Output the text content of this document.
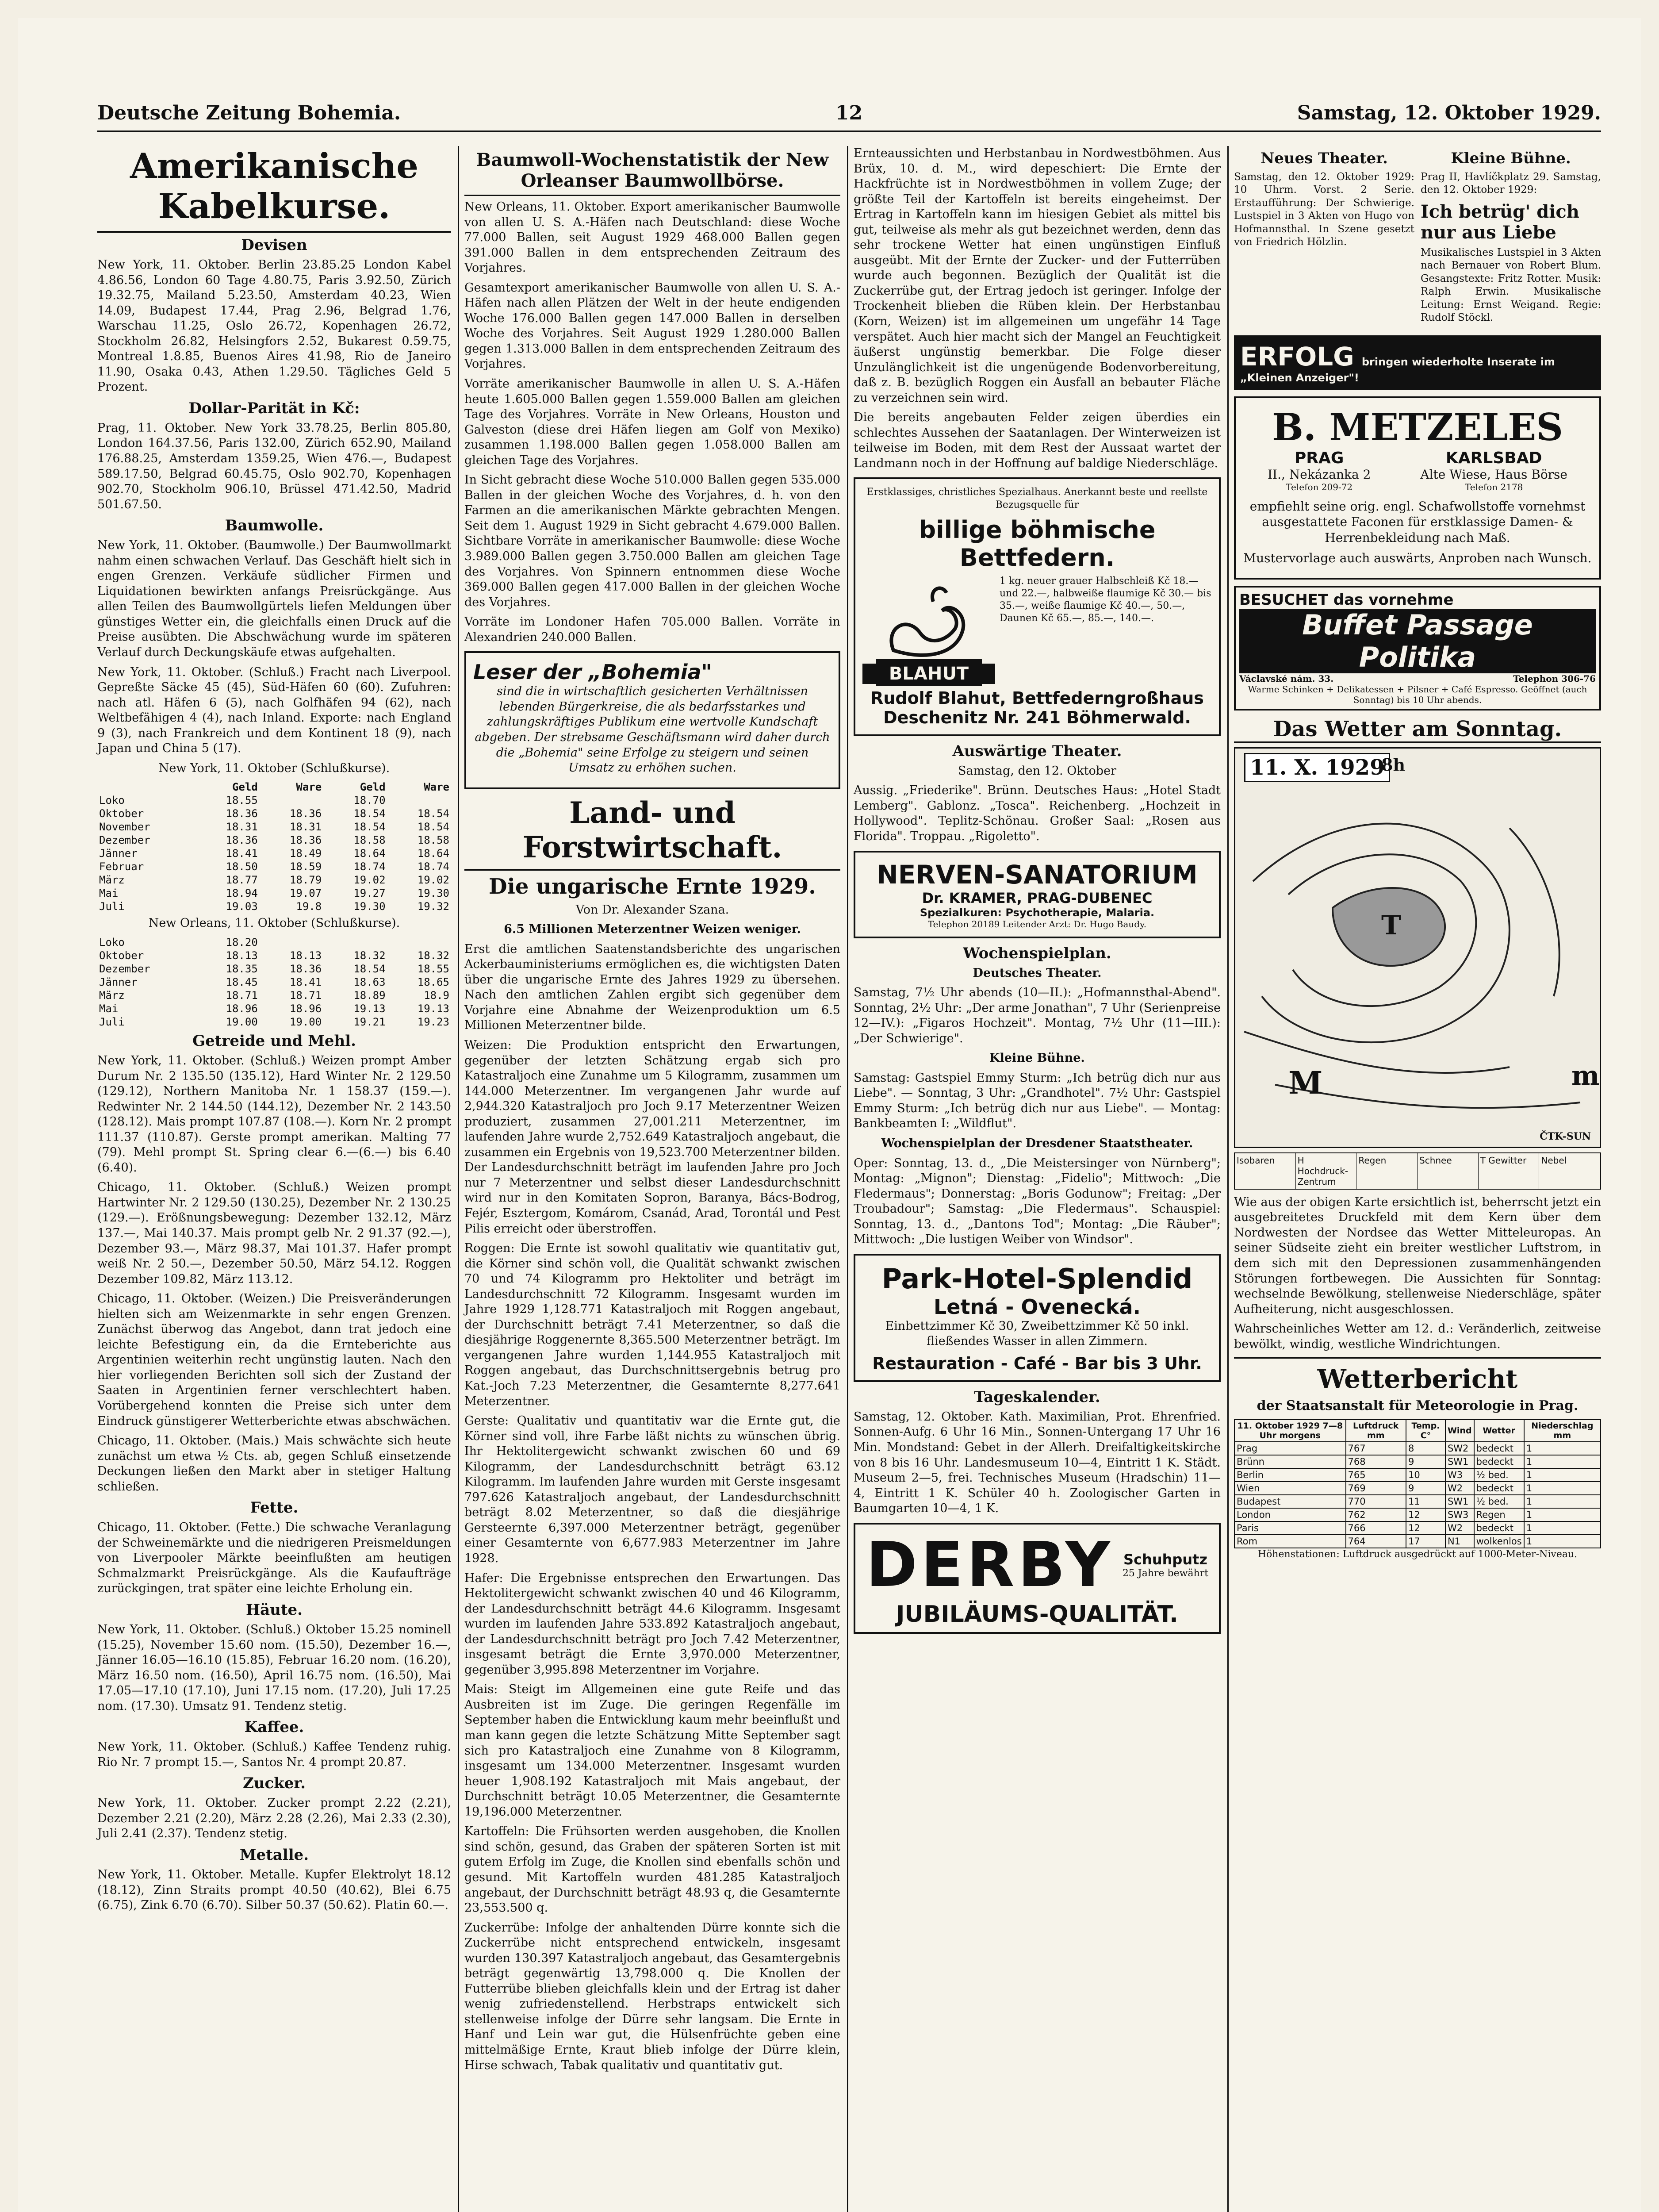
Deutsche Zeitung Bohemia.	12	Samstag, 12. Oktober 1929.
Amerikanische Kabelkurse.
Devisen

New York, 11. Oktober. Berlin 23.85.25 London Kabel 4.86.56, London 60 Tage 4.80.75, Paris 3.92.50, Zürich 19.32.75, Mailand 5.23.50, Amsterdam 40.23, Wien 14.09, Budapest 17.44, Prag 2.96, Belgrad 1.76, Warschau 11.25, Oslo 26.72, Kopenhagen 26.72, Stockholm 26.82, Helsingfors 2.52, Bukarest 0.59.75, Montreal 1.8.85, Buenos Aires 41.98, Rio de Janeiro 11.90, Osaka 0.43, Athen 1.29.50. Tägliches Geld 5 Prozent.

Dollar-Parität in Kč:

Prag, 11. Oktober. New York 33.78.25, Berlin 805.80, London 164.37.56, Paris 132.00, Zürich 652.90, Mailand 176.88.25, Amsterdam 1359.25, Wien 476.—, Budapest 589.17.50, Belgrad 60.45.75, Oslo 902.70, Kopenhagen 902.70, Stockholm 906.10, Brüssel 471.42.50, Madrid 501.67.50.

Baumwolle.

New York, 11. Oktober. (Baumwolle.) Der Baumwollmarkt nahm einen schwachen Verlauf. Das Geschäft hielt sich in engen Grenzen. Verkäufe südlicher Firmen und Liquidationen bewirkten anfangs Preisrückgänge. Aus allen Teilen des Baumwollgürtels liefen Meldungen über günstiges Wetter ein, die gleichfalls einen Druck auf die Preise ausübten. Die Abschwächung wurde im späteren Verlauf durch Deckungskäufe etwas aufgehalten.

New York, 11. Oktober. (Schluß.) Fracht nach Liverpool. Gepreßte Säcke 45 (45), Süd-Häfen 60 (60). Zufuhren: nach atl. Häfen 6 (5), nach Golfhäfen 94 (62), nach Weltbefähigen 4 (4), nach Inland. Exporte: nach England 9 (3), nach Frankreich und dem Kontinent 18 (9), nach Japan und China 5 (17).

New York, 11. Oktober (Schlußkurse).

	Geld	Ware	Geld	Ware
Loko	18.55		18.70	
Oktober	18.36	18.36	18.54	18.54
November	18.31	18.31	18.54	18.54
Dezember	18.36	18.36	18.58	18.58
Jänner	18.41	18.49	18.64	18.64
Februar	18.50	18.59	18.74	18.74
März	18.77	18.79	19.02	19.02
Mai	18.94	19.07	19.27	19.30
Juli	19.03	19.8	19.30	19.32

New Orleans, 11. Oktober (Schlußkurse).

Loko	18.20			
Oktober	18.13	18.13	18.32	18.32
Dezember	18.35	18.36	18.54	18.55
Jänner	18.45	18.41	18.63	18.65
März	18.71	18.71	18.89	18.9
Mai	18.96	18.96	19.13	19.13
Juli	19.00	19.00	19.21	19.23
Getreide und Mehl.

New York, 11. Oktober. (Schluß.) Weizen prompt Amber Durum Nr. 2 135.50 (135.12), Hard Winter Nr. 2 129.50 (129.12), Northern Manitoba Nr. 1 158.37 (159.—). Redwinter Nr. 2 144.50 (144.12), Dezember Nr. 2 143.50 (128.12). Mais prompt 107.87 (108.—). Korn Nr. 2 prompt 111.37 (110.87). Gerste prompt amerikan. Malting 77 (79). Mehl prompt St. Spring clear 6.—(6.—) bis 6.40 (6.40).

Chicago, 11. Oktober. (Schluß.) Weizen prompt Hartwinter Nr. 2 129.50 (130.25), Dezember Nr. 2 130.25 (129.—). Erößnungsbewegung: Dezember 132.12, März 137.—, Mai 140.37. Mais prompt gelb Nr. 2 91.37 (92.—), Dezember 93.—, März 98.37, Mai 101.37. Hafer prompt weiß Nr. 2 50.—, Dezember 50.50, März 54.12. Roggen Dezember 109.82, März 113.12.

Chicago, 11. Oktober. (Weizen.) Die Preisveränderungen hielten sich am Weizenmarkte in sehr engen Grenzen. Zunächst überwog das Angebot, dann trat jedoch eine leichte Befestigung ein, da die Ernteberichte aus Argentinien weiterhin recht ungünstig lauten. Nach den hier vorliegenden Berichten soll sich der Zustand der Saaten in Argentinien ferner verschlechtert haben. Vorübergehend konnten die Preise sich unter dem Eindruck günstigerer Wetterberichte etwas abschwächen.

Chicago, 11. Oktober. (Mais.) Mais schwächte sich heute zunächst um etwa ½ Cts. ab, gegen Schluß einsetzende Deckungen ließen den Markt aber in stetiger Haltung schließen.

Fette.

Chicago, 11. Oktober. (Fette.) Die schwache Veranlagung der Schweinemärkte und die niedrigeren Preismeldungen von Liverpooler Märkte beeinflußten am heutigen Schmalzmarkt Preisrückgänge. Als die Kaufaufträge zurückgingen, trat später eine leichte Erholung ein.

Häute.

New York, 11. Oktober. (Schluß.) Oktober 15.25 nominell (15.25), November 15.60 nom. (15.50), Dezember 16.—, Jänner 16.05—16.10 (15.85), Februar 16.20 nom. (16.20), März 16.50 nom. (16.50), April 16.75 nom. (16.50), Mai 17.05—17.10 (17.10), Juni 17.15 nom. (17.20), Juli 17.25 nom. (17.30). Umsatz 91. Tendenz stetig.

Kaffee.

New York, 11. Oktober. (Schluß.) Kaffee Tendenz ruhig. Rio Nr. 7 prompt 15.—, Santos Nr. 4 prompt 20.87.

Zucker.

New York, 11. Oktober. Zucker prompt 2.22 (2.21), Dezember 2.21 (2.20), März 2.28 (2.26), Mai 2.33 (2.30), Juli 2.41 (2.37). Tendenz stetig.

Metalle.

New York, 11. Oktober. Metalle. Kupfer Elektrolyt 18.12 (18.12), Zinn Straits prompt 40.50 (40.62), Blei 6.75 (6.75), Zink 6.70 (6.70). Silber 50.37 (50.62). Platin 60.—.

Baumwoll-Wochenstatistik der New Orleanser Baumwollbörse.

New Orleans, 11. Oktober. Export amerikanischer Baumwolle von allen U. S. A.-Häfen nach Deutschland: diese Woche 77.000 Ballen, seit August 1929 468.000 Ballen gegen 391.000 Ballen in dem entsprechenden Zeitraum des Vorjahres.

Gesamtexport amerikanischer Baumwolle von allen U. S. A.-Häfen nach allen Plätzen der Welt in der heute endigenden Woche 176.000 Ballen gegen 147.000 Ballen in derselben Woche des Vorjahres. Seit August 1929 1.280.000 Ballen gegen 1.313.000 Ballen in dem entsprechenden Zeitraum des Vorjahres.

Vorräte amerikanischer Baumwolle in allen U. S. A.-Häfen heute 1.605.000 Ballen gegen 1.559.000 Ballen am gleichen Tage des Vorjahres. Vorräte in New Orleans, Houston und Galveston (diese drei Häfen liegen am Golf von Mexiko) zusammen 1.198.000 Ballen gegen 1.058.000 Ballen am gleichen Tage des Vorjahres.

In Sicht gebracht diese Woche 510.000 Ballen gegen 535.000 Ballen in der gleichen Woche des Vorjahres, d. h. von den Farmen an die amerikanischen Märkte gebrachten Mengen. Seit dem 1. August 1929 in Sicht gebracht 4.679.000 Ballen. Sichtbare Vorräte in amerikanischer Baumwolle: diese Woche 3.989.000 Ballen gegen 3.750.000 Ballen am gleichen Tage des Vorjahres. Von Spinnern entnommen diese Woche 369.000 Ballen gegen 417.000 Ballen in der gleichen Woche des Vorjahres.

Vorräte im Londoner Hafen 705.000 Ballen. Vorräte in Alexandrien 240.000 Ballen.

Leser der „Bohemia"
sind die in wirtschaftlich gesicherten Verhältnissen lebenden Bürgerkreise, die als bedarfsstarkes und zahlungskräftiges Publikum eine wertvolle Kundschaft abgeben. Der strebsame Geschäftsmann wird daher durch die „Bohemia" seine Erfolge zu steigern und seinen Umsatz zu erhöhen suchen.
Land- und Forstwirtschaft.
Die ungarische Ernte 1929.

Von Dr. Alexander Szana.

6.5 Millionen Meterzentner Weizen weniger.

Erst die amtlichen Saatenstandsberichte des ungarischen Ackerbauministeriums ermöglichen es, die wichtigsten Daten über die ungarische Ernte des Jahres 1929 zu übersehen. Nach den amtlichen Zahlen ergibt sich gegenüber dem Vorjahre eine Abnahme der Weizenproduktion um 6.5 Millionen Meterzentner bilde.

Weizen: Die Produktion entspricht den Erwartungen, gegenüber der letzten Schätzung ergab sich pro Katastraljoch eine Zunahme um 5 Kilogramm, zusammen um 144.000 Meterzentner. Im vergangenen Jahr wurde auf 2,944.320 Katastraljoch pro Joch 9.17 Meterzentner Weizen produziert, zusammen 27,001.211 Meterzentner, im laufenden Jahre wurde 2,752.649 Katastraljoch angebaut, die zusammen ein Ergebnis von 19,523.700 Meterzentner bilden. Der Landesdurchschnitt beträgt im laufenden Jahre pro Joch nur 7 Meterzentner und selbst dieser Landesdurchschnitt wird nur in den Komitaten Sopron, Baranya, Bács-Bodrog, Fejér, Esztergom, Komárom, Csanád, Arad, Torontál und Pest Pilis erreicht oder überstroffen.

Roggen: Die Ernte ist sowohl qualitativ wie quantitativ gut, die Körner sind schön voll, die Qualität schwankt zwischen 70 und 74 Kilogramm pro Hektoliter und beträgt im Landesdurchschnitt 72 Kilogramm. Insgesamt wurden im Jahre 1929 1,128.771 Katastraljoch mit Roggen angebaut, der Durchschnitt beträgt 7.41 Meterzentner, so daß die diesjährige Roggenernte 8,365.500 Meterzentner beträgt. Im vergangenen Jahre wurden 1,144.955 Katastraljoch mit Roggen angebaut, das Durchschnittsergebnis betrug pro Kat.-Joch 7.23 Meterzentner, die Gesamternte 8,277.641 Meterzentner.

Gerste: Qualitativ und quantitativ war die Ernte gut, die Körner sind voll, ihre Farbe läßt nichts zu wünschen übrig. Ihr Hektolitergewicht schwankt zwischen 60 und 69 Kilogramm, der Landesdurchschnitt beträgt 63.12 Kilogramm. Im laufenden Jahre wurden mit Gerste insgesamt 797.626 Katastraljoch angebaut, der Landesdurchschnitt beträgt 8.02 Meterzentner, so daß die diesjährige Gersteernte 6,397.000 Meterzentner beträgt, gegenüber einer Gesamternte von 6,677.983 Meterzentner im Jahre 1928.

Hafer: Die Ergebnisse entsprechen den Erwartungen. Das Hektolitergewicht schwankt zwischen 40 und 46 Kilogramm, der Landesdurchschnitt beträgt 44.6 Kilogramm. Insgesamt wurden im laufenden Jahre 533.892 Katastraljoch angebaut, der Landesdurchschnitt beträgt pro Joch 7.42 Meterzentner, insgesamt beträgt die Ernte 3,970.000 Meterzentner, gegenüber 3,995.898 Meterzentner im Vorjahre.

Mais: Steigt im Allgemeinen eine gute Reife und das Ausbreiten ist im Zuge. Die geringen Regenfälle im September haben die Entwicklung kaum mehr beeinflußt und man kann gegen die letzte Schätzung Mitte September sagt sich pro Katastraljoch eine Zunahme von 8 Kilogramm, insgesamt um 134.000 Meterzentner. Insgesamt wurden heuer 1,908.192 Katastraljoch mit Mais angebaut, der Durchschnitt beträgt 10.05 Meterzentner, die Gesamternte 19,196.000 Meterzentner.

Kartoffeln: Die Frühsorten werden ausgehoben, die Knollen sind schön, gesund, das Graben der späteren Sorten ist mit gutem Erfolg im Zuge, die Knollen sind ebenfalls schön und gesund. Mit Kartoffeln wurden 481.285 Katastraljoch angebaut, der Durchschnitt beträgt 48.93 q, die Gesamternte 23,553.500 q.

Zuckerrübe: Infolge der anhaltenden Dürre konnte sich die Zuckerrübe nicht entsprechend entwickeln, insgesamt wurden 130.397 Katastraljoch angebaut, das Gesamtergebnis beträgt gegenwärtig 13,798.000 q. Die Knollen der Futterrübe blieben gleichfalls klein und der Ertrag ist daher wenig zufriedenstellend. Herbstraps entwickelt sich stellenweise infolge der Dürre sehr langsam. Die Ernte in Hanf und Lein war gut, die Hülsenfrüchte geben eine mittelmäßige Ernte, Kraut blieb infolge der Dürre klein, Hirse schwach, Tabak qualitativ und quantitativ gut.

Ernteaussichten und Herbstanbau in Nordwestböhmen. Aus Brüx, 10. d. M., wird depeschiert: Die Ernte der Hackfrüchte ist in Nordwestböhmen in vollem Zuge; der größte Teil der Kartoffeln ist bereits eingeheimst. Der Ertrag in Kartoffeln kann im hiesigen Gebiet als mittel bis gut, teilweise als mehr als gut bezeichnet werden, denn das sehr trockene Wetter hat einen ungünstigen Einfluß ausgeübt. Mit der Ernte der Zucker- und der Futterrüben wurde auch begonnen. Bezüglich der Qualität ist die Zuckerrübe gut, der Ertrag jedoch ist geringer. Infolge der Trockenheit blieben die Rüben klein. Der Herbstanbau (Korn, Weizen) ist im allgemeinen um ungefähr 14 Tage verspätet. Auch hier macht sich der Mangel an Feuchtigkeit äußerst ungünstig bemerkbar. Die Folge dieser Unzulänglichkeit ist die ungenügende Bodenvorbereitung, daß z. B. bezüglich Roggen ein Ausfall an bebauter Fläche zu verzeichnen sein wird.

Die bereits angebauten Felder zeigen überdies ein schlechtes Aussehen der Saatanlagen. Der Winterweizen ist teilweise im Boden, mit dem Rest der Aussaat wartet der Landmann noch in der Hoffnung auf baldige Niederschläge.

Erstklassiges, christliches Spezialhaus. Anerkannt beste und reellste Bezugsquelle für
billige böhmische Bettfedern.
BLAHUT
1 kg. neuer grauer Halbschleiß Kč 18.— und 22.—, halbweiße flaumige Kč 30.— bis 35.—, weiße flaumige Kč 40.—, 50.—, Daunen Kč 65.—, 85.—, 140.—.
Rudolf Blahut, Bettfederngroßhaus Deschenitz Nr. 241 Böhmerwald.
Auswärtige Theater.

Samstag, den 12. Oktober

Aussig. „Friederike". Brünn. Deutsches Haus: „Hotel Stadt Lemberg". Gablonz. „Tosca". Reichenberg. „Hochzeit in Hollywood". Teplitz-Schönau. Großer Saal: „Rosen aus Florida". Troppau. „Rigoletto".

NERVEN-SANATORIUM
Dr. KRAMER, PRAG-DUBENEC
Spezialkuren: Psychotherapie, Malaria.
Telephon 20189 Leitender Arzt: Dr. Hugo Baudy.
Wochenspielplan.

Deutsches Theater.

Samstag, 7½ Uhr abends (10—II.): „Hofmannsthal-Abend". Sonntag, 2½ Uhr: „Der arme Jonathan", 7 Uhr (Serienpreise 12—IV.): „Figaros Hochzeit". Montag, 7½ Uhr (11—III.): „Der Schwierige".

Kleine Bühne.

Samstag: Gastspiel Emmy Sturm: „Ich betrüg dich nur aus Liebe". — Sonntag, 3 Uhr: „Grandhotel". 7½ Uhr: Gastspiel Emmy Sturm: „Ich betrüg dich nur aus Liebe". — Montag: Bankbeamten I: „Wildflut".

Wochenspielplan der Dresdener Staatstheater.

Oper: Sonntag, 13. d., „Die Meistersinger von Nürnberg"; Montag: „Mignon"; Dienstag: „Fidelio"; Mittwoch: „Die Fledermaus"; Donnerstag: „Boris Godunow"; Freitag: „Der Troubadour"; Samstag: „Die Fledermaus". Schauspiel: Sonntag, 13. d., „Dantons Tod"; Montag: „Die Räuber"; Mittwoch: „Die lustigen Weiber von Windsor".

Park-Hotel-Splendid
Letná - Ovenecká.
Einbettzimmer Kč 30, Zweibettzimmer Kč 50 inkl. fließendes Wasser in allen Zimmern.
Restauration - Café - Bar bis 3 Uhr.
Tageskalender.

Samstag, 12. Oktober. Kath. Maximilian, Prot. Ehrenfried. Sonnen-Aufg. 6 Uhr 16 Min., Sonnen-Untergang 17 Uhr 16 Min. Mondstand: Gebet in der Allerh. Dreifaltigkeitskirche von 8 bis 16 Uhr. Landesmuseum 10—4, Eintritt 1 K. Städt. Museum 2—5, frei. Technisches Museum (Hradschin) 11—4, Eintritt 1 K. Schüler 40 h. Zoologischer Garten in Baumgarten 10—4, 1 K.

DERBY Schuhputz
25 Jahre bewährt
JUBILÄUMS-QUALITÄT.
Neues Theater.

Samstag, den 12. Oktober 1929: 10 Uhrm. Vorst. 2 Serie. Erstaufführung: Der Schwierige. Lustspiel in 3 Akten von Hugo von Hofmannsthal. In Szene gesetzt von Friedrich Hölzlin.

Kleine Bühne.

Prag II, Havlíčkplatz 29. Samstag, den 12. Oktober 1929:

Ich betrüg' dich nur aus Liebe

Musikalisches Lustspiel in 3 Akten nach Bernauer von Robert Blum. Gesangstexte: Fritz Rotter. Musik: Ralph Erwin. Musikalische Leitung: Ernst Weigand. Regie: Rudolf Stöckl.

ERFOLG bringen wiederholte Inserate im „Kleinen Anzeiger"!
B. METZELES
PRAG
II., Nekázanka 2
Telefon 209-72
KARLSBAD
Alte Wiese, Haus Börse
Telefon 2178
empfiehlt seine orig. engl. Schafwollstoffe vornehmst ausgestattete Faconen für erstklassige Damen- & Herrenbekleidung nach Maß.
Mustervorlage auch auswärts, Anproben nach Wunsch.
BESUCHET das vornehme
Buffet Passage Politika
Václavské nám. 33.	Telephon 306-76
Warme Schinken + Delikatessen + Pilsner + Café Espresso. Geöffnet (auch Sonntag) bis 10 Uhr abends.
Das Wetter am Sonntag.
11. X. 1929
8h
T
M	m
ČTK-SUN
Isobaren	H Hochdruck-Zentrum
Regen	Schnee	T Gewitter	Nebel

Wie aus der obigen Karte ersichtlich ist, beherrscht jetzt ein ausgebreitetes Druckfeld mit dem Kern über dem Nordwesten der Nordsee das Wetter Mitteleuropas. An seiner Südseite zieht ein breiter westlicher Luftstrom, in dem sich mit den Depressionen zusammenhängenden Störungen fortbewegen. Die Aussichten für Sonntag: wechselnde Bewölkung, stellenweise Niederschläge, später Aufheiterung, nicht ausgeschlossen.

Wahrscheinliches Wetter am 12. d.: Veränderlich, zeitweise bewölkt, windig, westliche Windrichtungen.

Wetterbericht

der Staatsanstalt für Meteorologie in Prag.

11. Oktober 1929 7—8 Uhr morgens	Luftdruck mm	Temp. C°	Wind	Wetter	Niederschlag mm
Prag	767	8	SW2	bedeckt	1
Brünn	768	9	SW1	bedeckt	1
Berlin	765	10	W3	½ bed.	1
Wien	769	9	W2	bedeckt	1
Budapest	770	11	SW1	½ bed.	1
London	762	12	SW3	Regen	1
Paris	766	12	W2	bedeckt	1
Rom	764	17	N1	wolkenlos	1

Höhenstationen: Luftdruck ausgedrückt auf 1000-Meter-Niveau.
